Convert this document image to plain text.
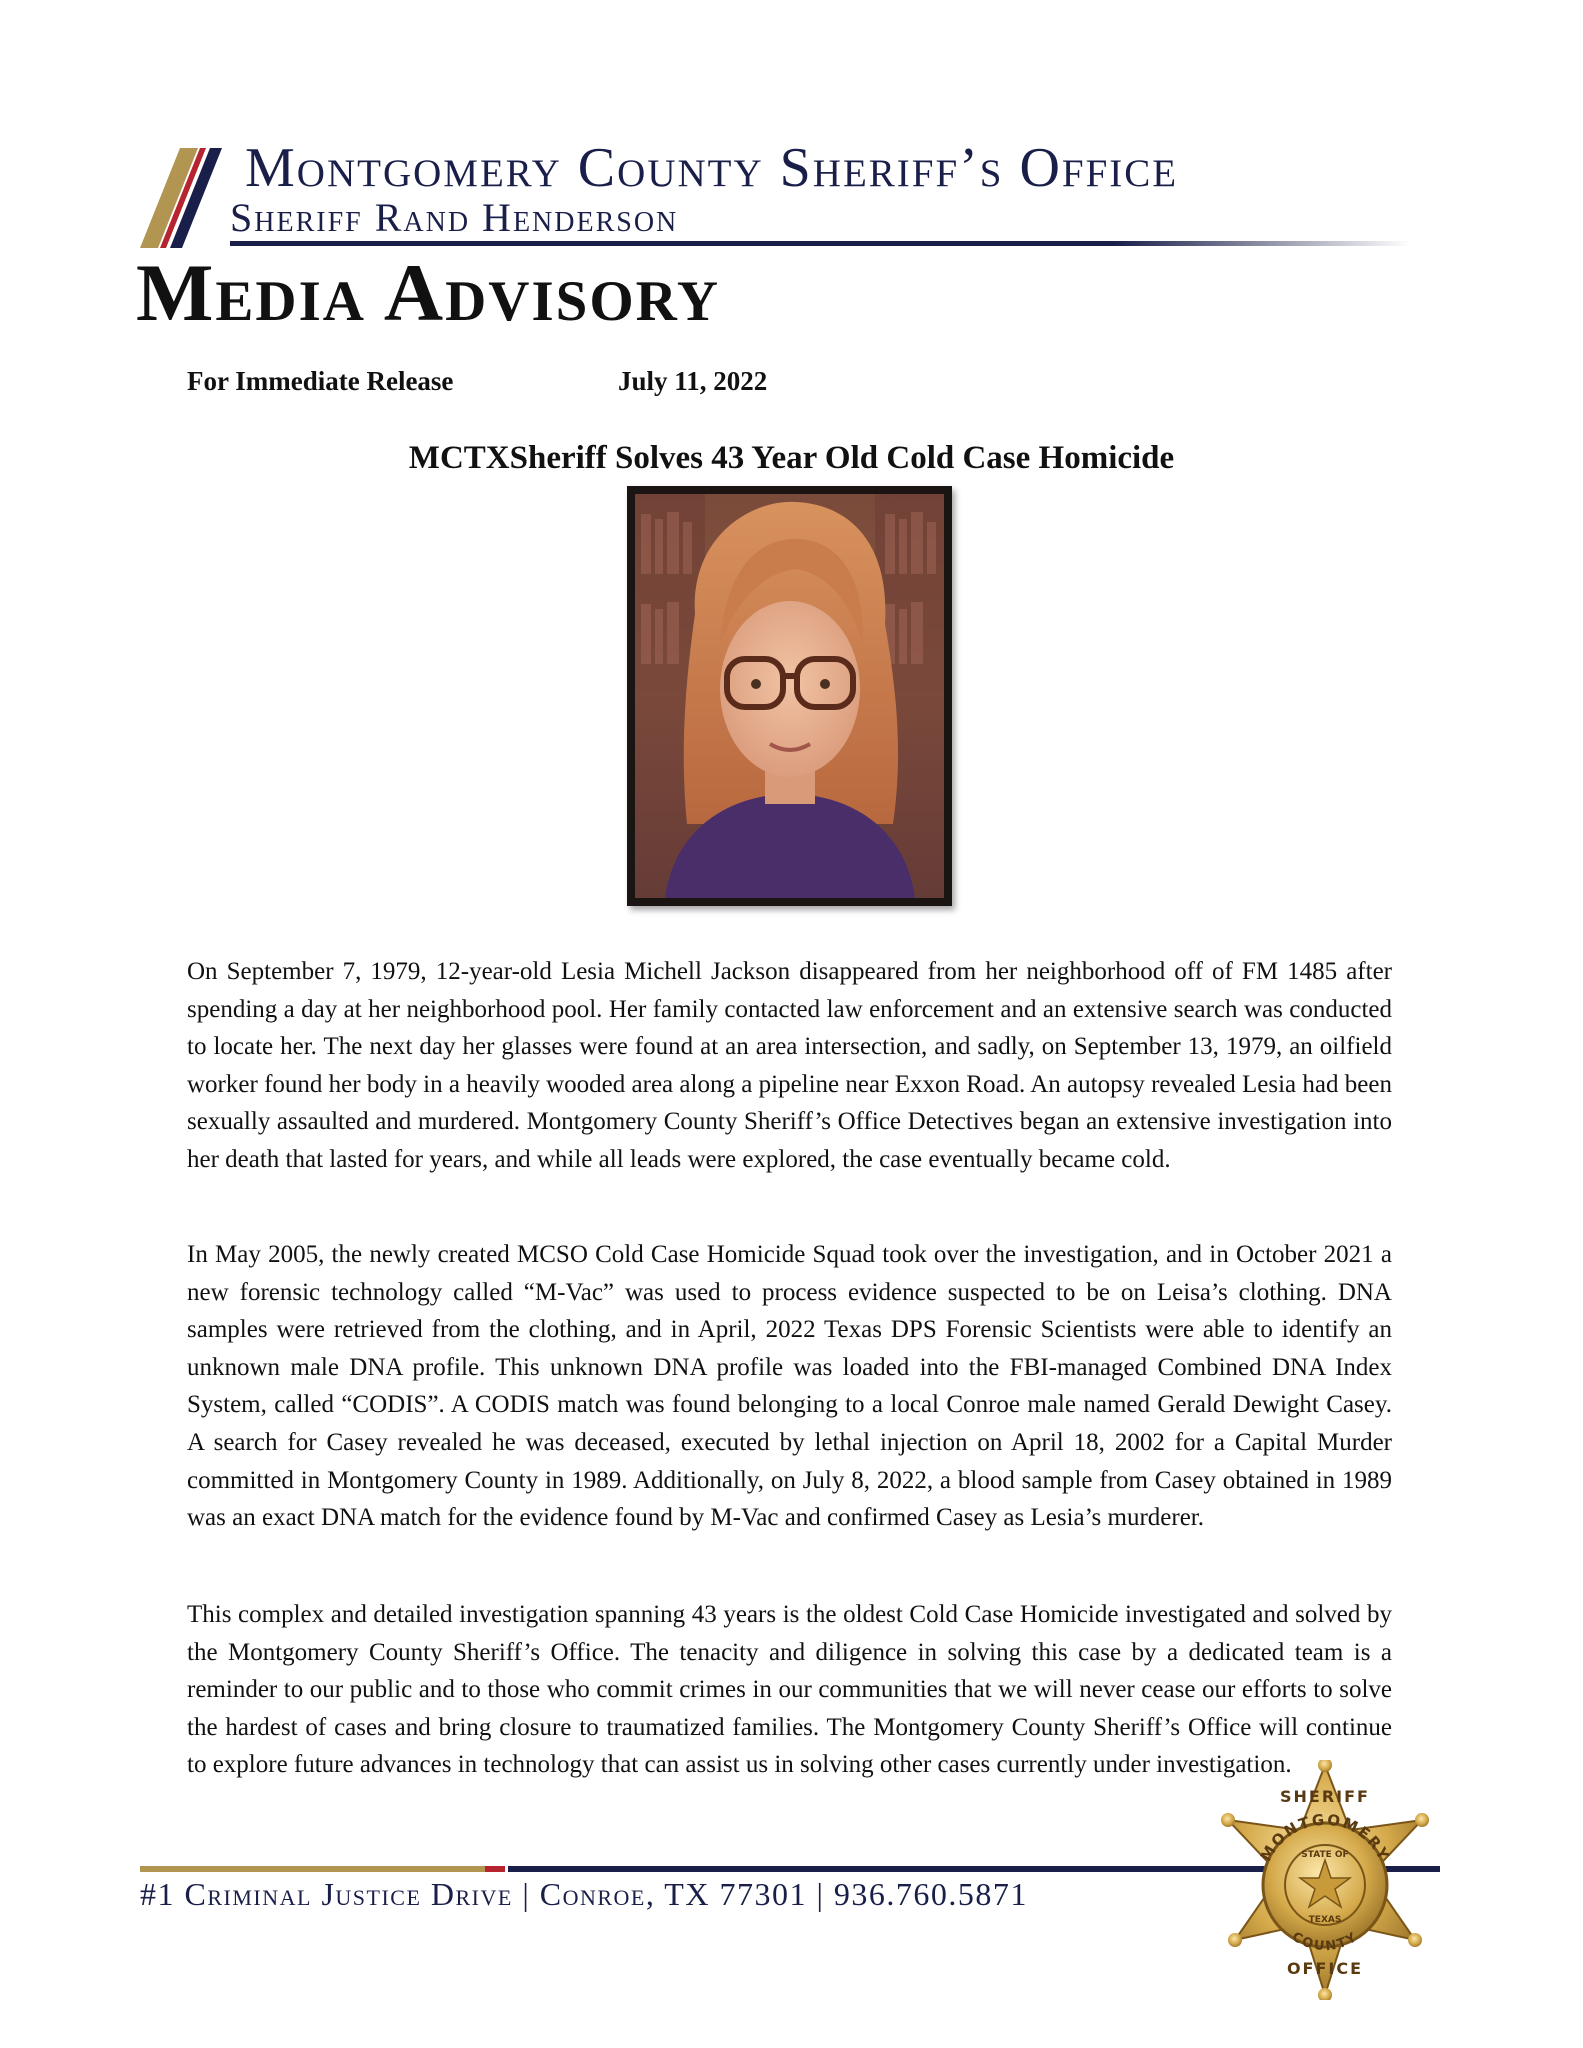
Montgomery County Sheriff’s Office
Sheriff Rand Henderson
Media Advisory
For Immediate Release	July 11, 2022
MCTXSheriff Solves 43 Year Old Cold Case Homicide

On September 7, 1979, 12-year-old Lesia Michell Jackson disappeared from her neighborhood off of FM 1485 after spending a day at her neighborhood pool. Her family contacted law enforcement and an extensive search was conducted to locate her. The next day her glasses were found at an area intersection, and sadly, on September 13, 1979, an oilfield worker found her body in a heavily wooded area along a pipeline near Exxon Road. An autopsy revealed Lesia had been sexually assaulted and murdered. Montgomery County Sheriff’s Office Detectives began an extensive investigation into her death that lasted for years, and while all leads were explored, the case eventually became cold.

In May 2005, the newly created MCSO Cold Case Homicide Squad took over the investigation, and in October 2021 a new forensic technology called “M-Vac” was used to process evidence suspected to be on Leisa’s clothing. DNA samples were retrieved from the clothing, and in April, 2022 Texas DPS Forensic Scientists were able to identify an unknown male DNA profile. This unknown DNA profile was loaded into the FBI-managed Combined DNA Index System, called “CODIS”. A CODIS match was found belonging to a local Conroe male named Gerald Dewight Casey. A search for Casey revealed he was deceased, executed by lethal injection on April 18, 2002 for a Capital Murder committed in Montgomery County in 1989. Additionally, on July 8, 2022, a blood sample from Casey obtained in 1989 was an exact DNA match for the evidence found by M-Vac and confirmed Casey as Lesia’s murderer.

This complex and detailed investigation spanning 43 years is the oldest Cold Case Homicide investigated and solved by the Montgomery County Sheriff’s Office. The tenacity and diligence in solving this case by a dedicated team is a reminder to our public and to those who commit crimes in our communities that we will never cease our efforts to solve the hardest of cases and bring closure to traumatized families. The Montgomery County Sheriff’s Office will continue to explore future advances in technology that can assist us in solving other cases currently under investigation.

#1 Criminal Justice Drive | Conroe, TX 77301 | 936.760.5871
MONTGOMERY
STATE OF
TEXAS
COUNTY
SHERIFF
OFFICE
